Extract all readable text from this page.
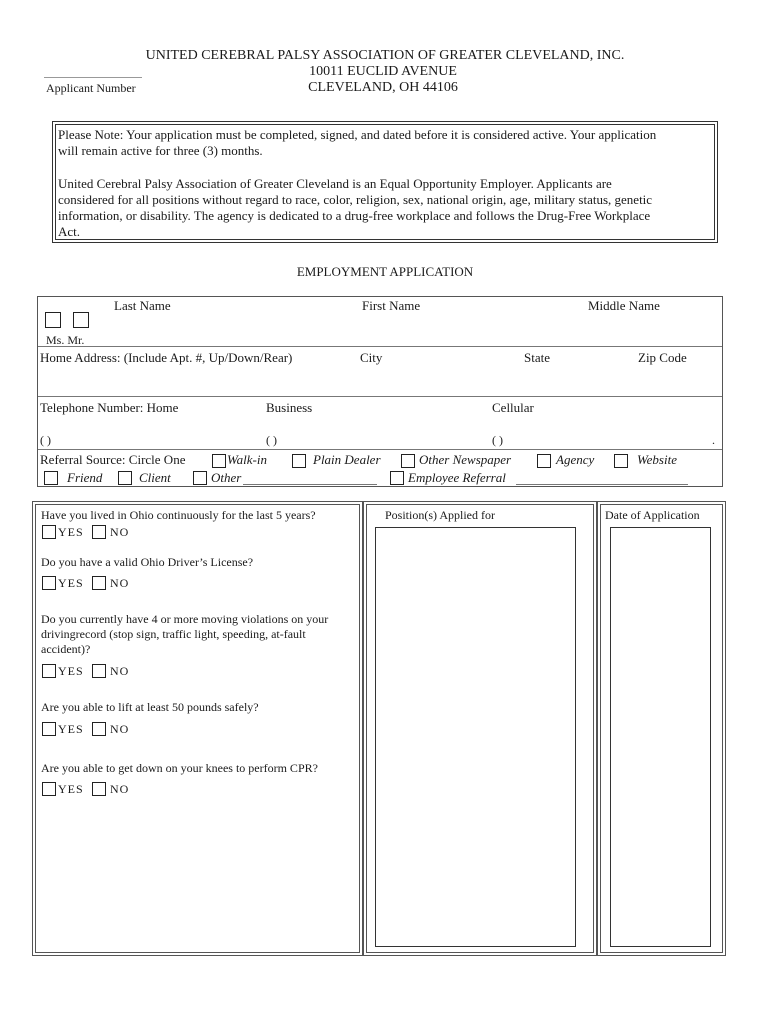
UNITED CEREBRAL PALSY ASSOCIATION OF GREATER CLEVELAND, INC.
10011 EUCLID AVENUE
CLEVELAND, OH 44106
Applicant Number
Please Note: Your application must be completed, signed, and dated before it is considered active. Your application
will remain active for three (3) months.
United Cerebral Palsy Association of Greater Cleveland is an Equal Opportunity Employer. Applicants are
considered for all positions without regard to race, color, religion, sex, national origin, age, military status, genetic
information, or disability. The agency is dedicated to a drug-free workplace and follows the Drug-Free Workplace
Act.
EMPLOYMENT APPLICATION
Last Name	First Name	Middle Name
Ms. Mr.
Home Address: (Include Apt. #, Up/Down/Rear)	City	State	Zip Code
Telephone Number: Home	Business	Cellular
( )	( )	( )	.
Referral Source: Circle One	Walk-in	Plain Dealer	Other Newspaper	Agency	Website
Friend	Client	Other	Employee Referral
Position(s) Applied for	Date of Application
Have you lived in Ohio continuously for the last 5 years?
YES NO
Do you have a valid Ohio Driver’s License?
YES NO
Do you currently have 4 or more moving violations on your
drivingrecord (stop sign, traffic light, speeding, at-fault
accident)?
YES NO
Are you able to lift at least 50 pounds safely?
YES NO
Are you able to get down on your knees to perform CPR?
YES NO
